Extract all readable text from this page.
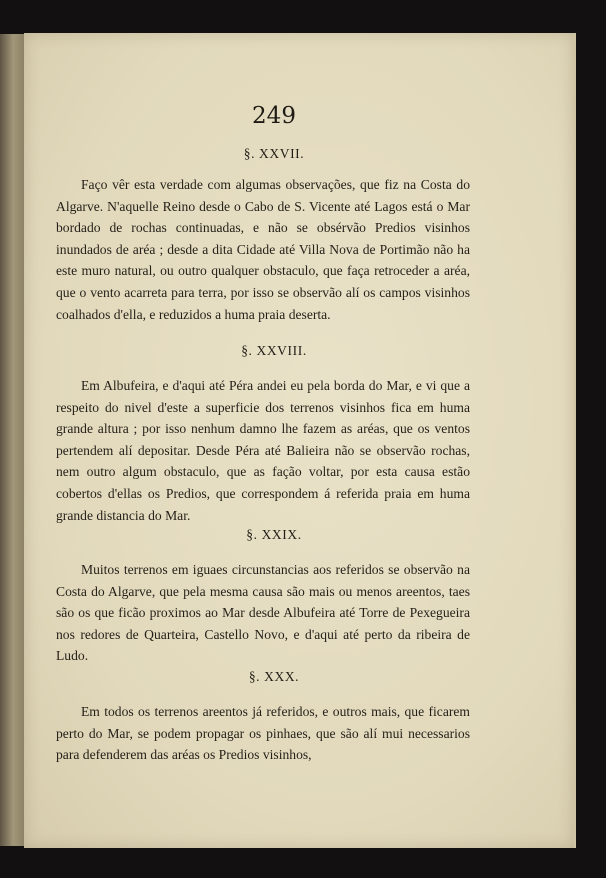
249
§. XXVII.

Faço vêr esta verdade com algumas observações, que fiz na Costa do Algarve. N'aquelle Reino desde o Cabo de S. Vicente até Lagos está o Mar bordado de rochas continuadas, e não se obsérvão Predios visinhos inundados de aréa ; desde a dita Cidade até Villa Nova de Portimão não ha este muro natural, ou outro qualquer obstaculo, que faça retroceder a aréa, que o vento acarreta para terra, por isso se observão alí os campos visinhos coalhados d'ella, e reduzidos a huma praia deserta.

§. XXVIII.

Em Albufeira, e d'aqui até Péra andei eu pela borda do Mar, e vi que a respeito do nivel d'este a superficie dos terrenos visinhos fica em huma grande altura ; por isso nenhum damno lhe fazem as aréas, que os ventos pertendem alí depositar. Desde Péra até Balieira não se observão rochas, nem outro algum obstaculo, que as fação voltar, por esta causa estão cobertos d'ellas os Predios, que correspondem á referida praia em huma grande distancia do Mar.

§. XXIX.

Muitos terrenos em iguaes circunstancias aos referidos se observão na Costa do Algarve, que pela mesma causa são mais ou menos areentos, taes são os que ficão proximos ao Mar desde Albufeira até Torre de Pexegueira nos redores de Quarteira, Castello Novo, e d'aqui até perto da ribeira de Ludo.

§. XXX.

Em todos os terrenos areentos já referidos, e outros mais, que ficarem perto do Mar, se podem propagar os pinhaes, que são alí mui necessarios para defenderem das aréas os Predios visinhos,
